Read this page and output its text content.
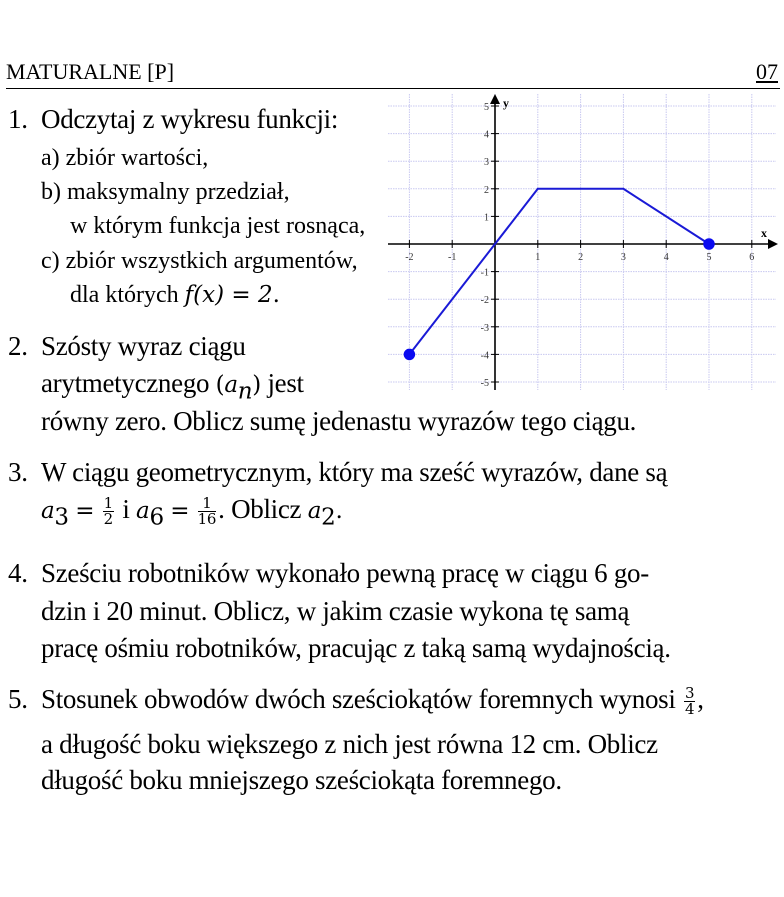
MATURALNE [P]	07
x
y
-2	-1	1	2	3	4	5	6
5
4
3
2
1
-1
-2
-3
-4
-5
1. Odczytaj z wykresu funkcji:
a) zbiór wartości,
b) maksymalny przedział,
w którym funkcja jest rosnąca,
c) zbiór wszystkich argumentów,
dla których f(x) = 2.
2. Szósty wyraz ciągu
arytmetycznego $(a_n)$ jest
równy zero. Oblicz sumę jedenastu wyrazów tego ciągu.
3. W ciągu geometrycznym, który ma sześć wyrazów, dane są
$a_3 = \frac{1}{2}$ i $a_6 = \frac{1}{16}$ . Oblicz $a_2$.
4. Sześciu robotników wykonało pewną pracę w ciągu 6 go-
dzin i 20 minut. Oblicz, w jakim czasie wykona tę samą
pracę ośmiu robotników, pracując z taką samą wydajnością.
5. Stosunek obwodów dwóch sześciokątów foremnych wynosi $\frac{3}{4}$ ,
a długość boku większego z nich jest równa 12 cm. Oblicz
długość boku mniejszego sześciokąta foremnego.
